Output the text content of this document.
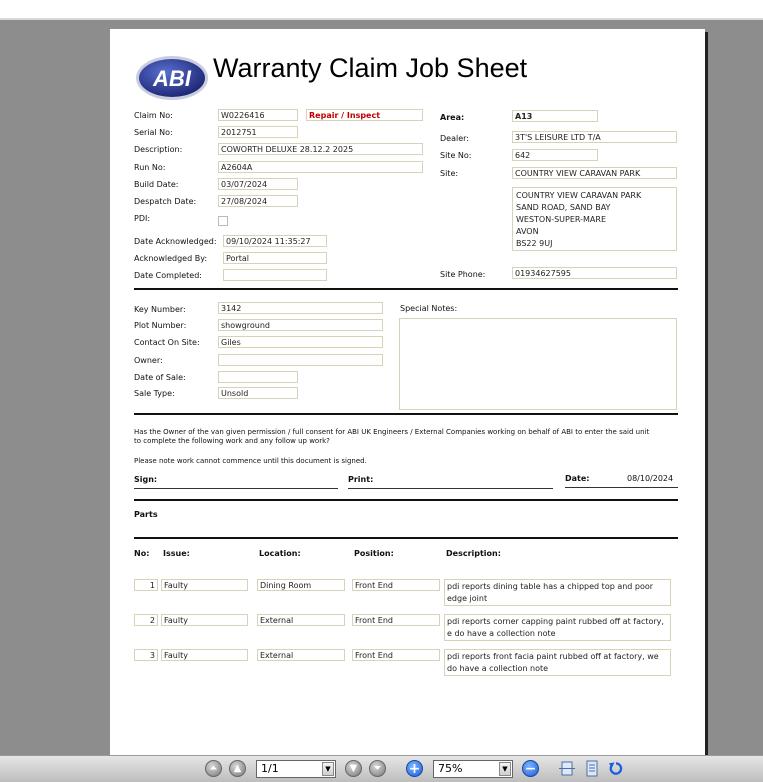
ABI Warranty Claim Job Sheet
Claim No:	W0226416	Repair / Inspect
Serial No:	2012751
Description:	COWORTH DELUXE 28.12.2 2025
Run No:	A2604A
Build Date:	03/07/2024
Despatch Date:	27/08/2024
PDI:
Date Acknowledged:	09/10/2024 11:35:27
Acknowledged By:	Portal
Date Completed:
Area:	A13
Dealer:	3T'S LEISURE LTD T/A
Site No:	642
Site:	COUNTRY VIEW CARAVAN PARK
COUNTRY VIEW CARAVAN PARK
SAND ROAD, SAND BAY
WESTON-SUPER-MARE
AVON
BS22 9UJ
Site Phone:	01934627595
Key Number:	3142
Plot Number:	showground
Contact On Site:	Giles
Owner:
Date of Sale:
Sale Type:	Unsold
Special Notes:
Has the Owner of the van given permission / full consent for ABI UK Engineers / External Companies working on behalf of ABI to enter the said unit
to complete the following work and any follow up work?
Please note work cannot commence until this document is signed.
Sign:	Print:	Date:	08/10/2024
Parts
No: Issue:	Location:	Position:	Description:
1	Faulty	Dining Room	Front End	pdi reports dining table has a chipped top and poor edge joint
2	Faulty	External	Front End	pdi reports corner capping paint rubbed off at factory, e do have a collection note
3	Faulty	External	Front End	pdi reports front facia paint rubbed off at factory, we do have a collection note
⏶	▲	1/1	▼	▼	⏷ +	75%	▼ −
